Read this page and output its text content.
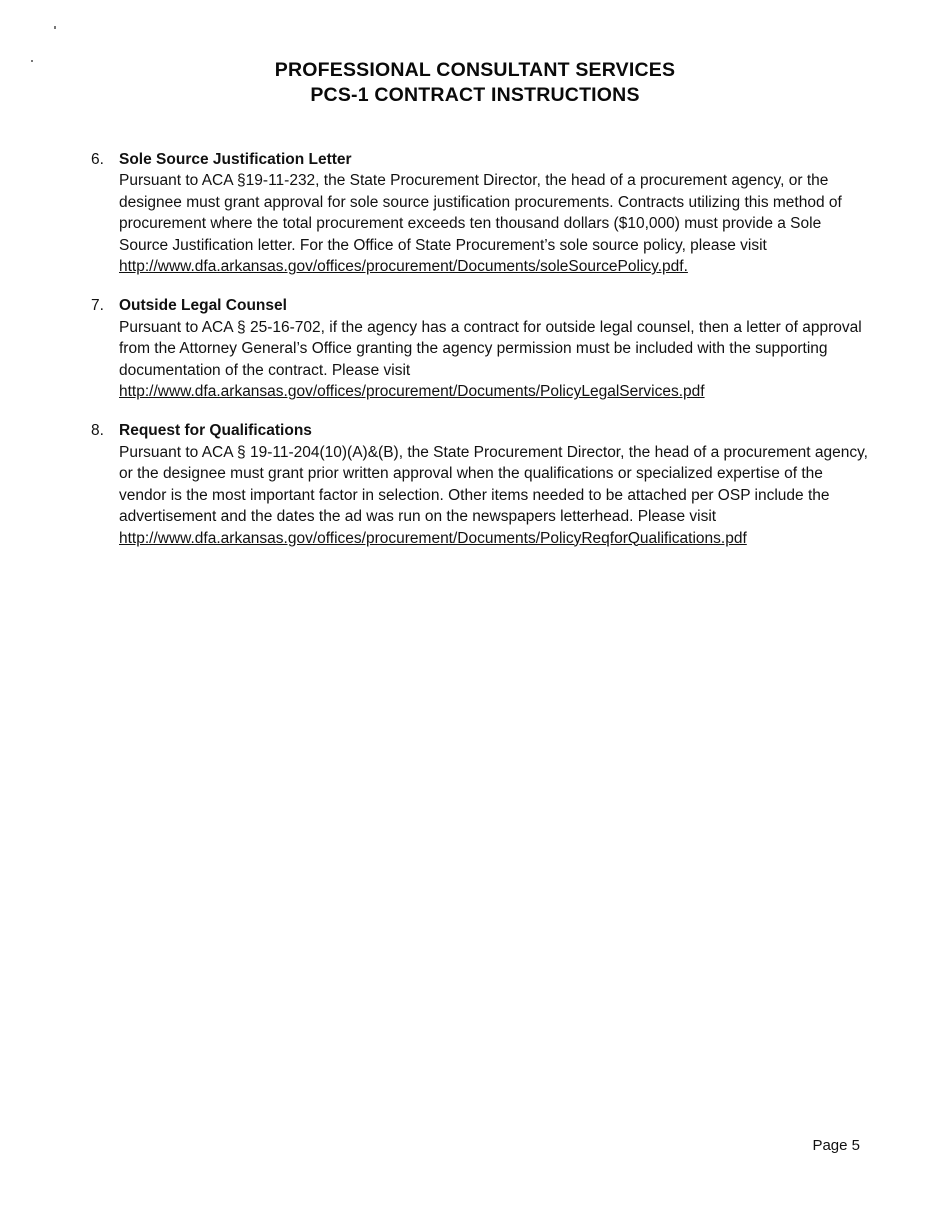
PROFESSIONAL CONSULTANT SERVICES
PCS-1 CONTRACT INSTRUCTIONS
6. Sole Source Justification Letter
Pursuant to ACA §19-11-232, the State Procurement Director, the head of a procurement agency, or the designee must grant approval for sole source justification procurements. Contracts utilizing this method of procurement where the total procurement exceeds ten thousand dollars ($10,000) must provide a Sole Source Justification letter. For the Office of State Procurement’s sole source policy, please visit
http://www.dfa.arkansas.gov/offices/procurement/Documents/soleSourcePolicy.pdf.
7. Outside Legal Counsel
Pursuant to ACA § 25-16-702, if the agency has a contract for outside legal counsel, then a letter of approval from the Attorney General’s Office granting the agency permission must be included with the supporting documentation of the contract. Please visit
http://www.dfa.arkansas.gov/offices/procurement/Documents/PolicyLegalServices.pdf
8. Request for Qualifications
Pursuant to ACA § 19-11-204(10)(A)&(B), the State Procurement Director, the head of a procurement agency, or the designee must grant prior written approval when the qualifications or specialized expertise of the vendor is the most important factor in selection. Other items needed to be attached per OSP include the advertisement and the dates the ad was run on the newspapers letterhead. Please visit
http://www.dfa.arkansas.gov/offices/procurement/Documents/PolicyReqforQualifications.pdf
Page 5
